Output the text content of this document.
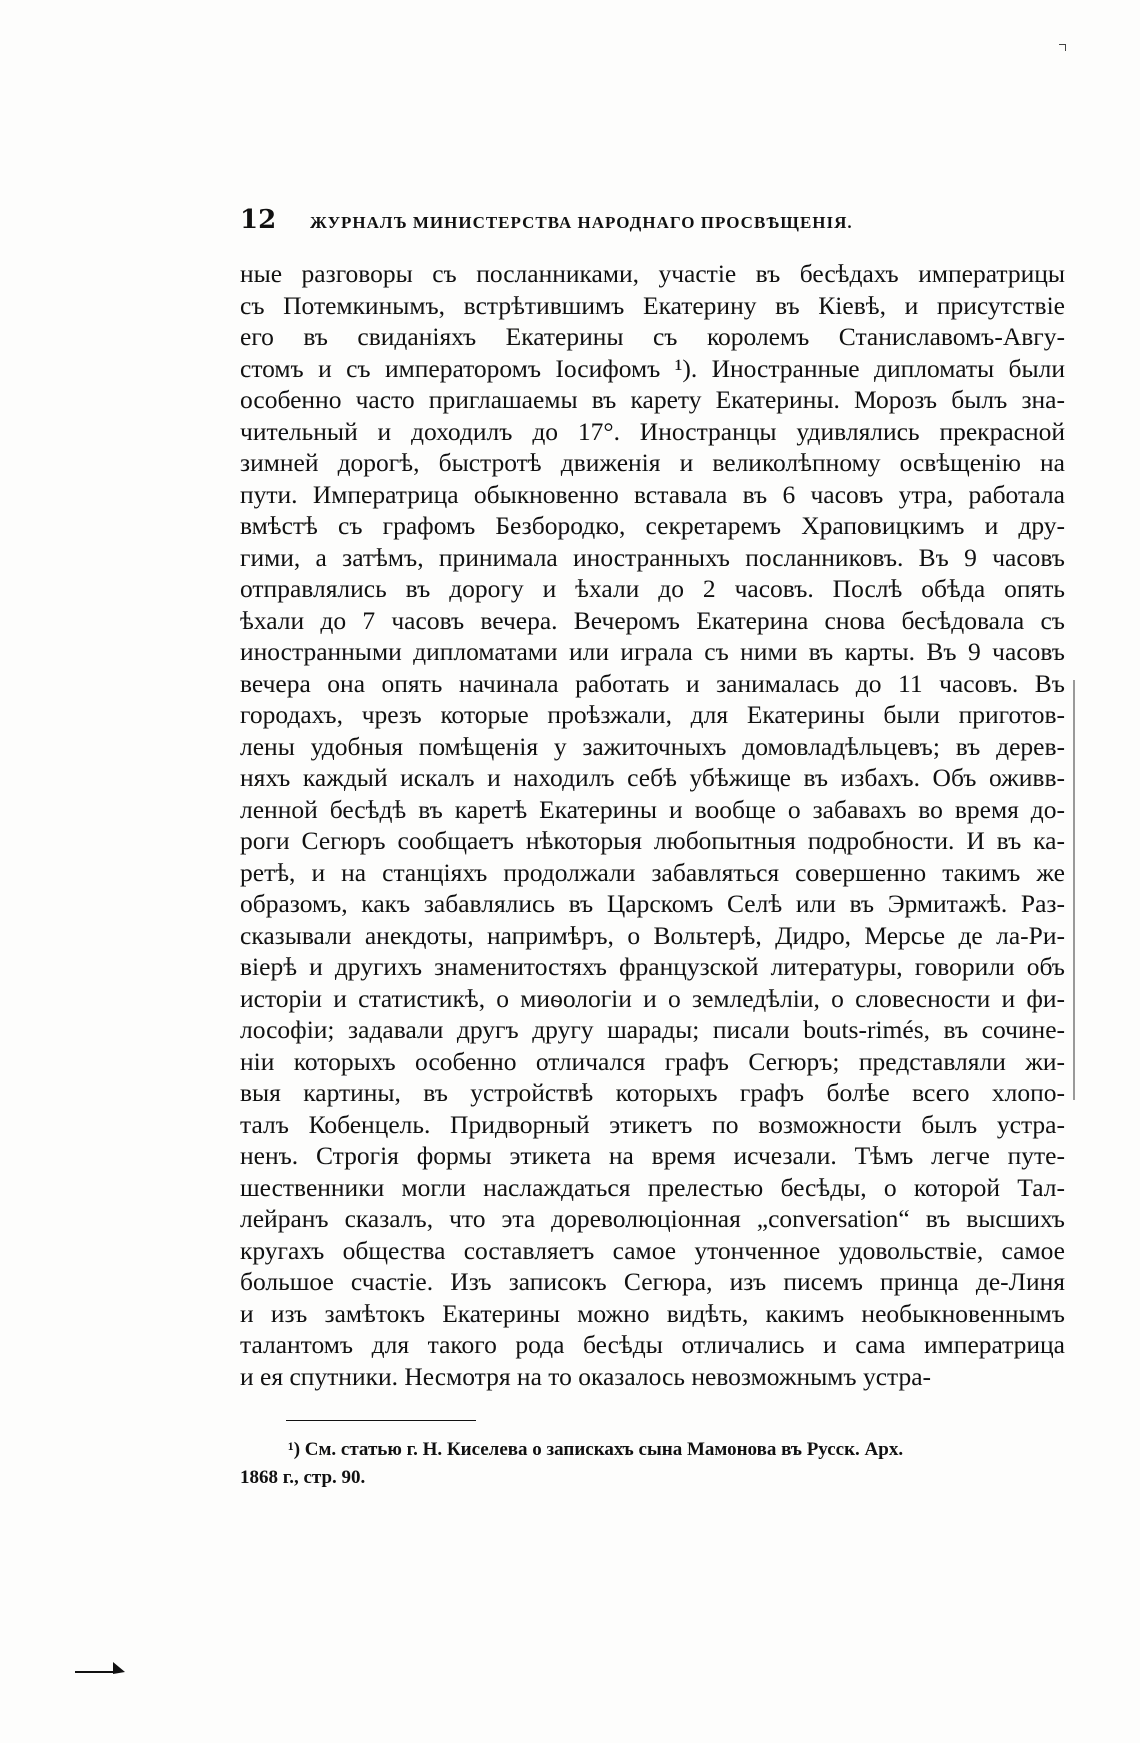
12	ЖУРНАЛЪ МИНИСТЕРСТВА НАРОДНАГО ПРОСВѢЩЕНІЯ.
ные разговоры съ посланниками, участіе въ бесѣдахъ императрицы
съ Потемкинымъ, встрѣтившимъ Екатерину въ Кіевѣ, и присутствіе
его въ свиданіяхъ Екатерины съ королемъ Станиславомъ-Авгу-
стомъ и съ императоромъ Іосифомъ ¹). Иностранные дипломаты были
особенно часто приглашаемы въ карету Екатерины. Морозъ былъ зна-
чительный и доходилъ до 17°. Иностранцы удивлялись прекрасной
зимней дорогѣ, быстротѣ движенія и великолѣпному освѣщенію на
пути. Императрица обыкновенно вставала въ 6 часовъ утра, работала
вмѣстѣ съ графомъ Безбородко, секретаремъ Храповицкимъ и дру-
гими, а затѣмъ, принимала иностранныхъ посланниковъ. Въ 9 часовъ
отправлялись въ дорогу и ѣхали до 2 часовъ. Послѣ обѣда опять
ѣхали до 7 часовъ вечера. Вечеромъ Екатерина снова бесѣдовала съ
иностранными дипломатами или играла съ ними въ карты. Въ 9 часовъ
вечера она опять начинала работать и занималась до 11 часовъ. Въ
городахъ, чрезъ которые проѣзжали, для Екатерины были приготов-
лены удобныя помѣщенія у зажиточныхъ домовладѣльцевъ; въ дерев-
няхъ каждый искалъ и находилъ себѣ убѣжище въ избахъ. Объ оживв-
ленной бесѣдѣ въ каретѣ Екатерины и вообще о забавахъ во время до-
роги Сегюръ сообщаетъ нѣкоторыя любопытныя подробности. И въ ка-
ретѣ, и на станціяхъ продолжали забавляться совершенно такимъ же
образомъ, какъ забавлялись въ Царскомъ Селѣ или въ Эрмитажѣ. Раз-
сказывали анекдоты, напримѣръ, о Вольтерѣ, Дидро, Мерсье де ла-Ри-
віерѣ и другихъ знаменитостяхъ французской литературы, говорили объ
исторіи и статистикѣ, о миѳологіи и о земледѣліи, о словесности и фи-
лософіи; задавали другъ другу шарады; писали bouts-rimés, въ сочине-
ніи которыхъ особенно отличался графъ Сегюръ; представляли жи-
выя картины, въ устройствѣ которыхъ графъ болѣе всего хлопо-
талъ Кобенцель. Придворный этикетъ по возможности былъ устра-
ненъ. Строгія формы этикета на время исчезали. Тѣмъ легче путе-
шественники могли наслаждаться прелестью бесѣды, о которой Тал-
лейранъ сказалъ, что эта дореволюціонная „conversation“ въ высшихъ
кругахъ общества составляетъ самое утонченное удовольствіе, самое
большое счастіе. Изъ записокъ Сегюра, изъ писемъ принца де-Линя
и изъ замѣтокъ Екатерины можно видѣть, какимъ необыкновеннымъ
талантомъ для такого рода бесѣды отличались и сама императрица
и ея спутники. Несмотря на то оказалось невозможнымъ устра-
¹) См. статью г. Н. Киселева о запискахъ сына Мамонова въ Русск. Арх.
1868 г., стр. 90.
